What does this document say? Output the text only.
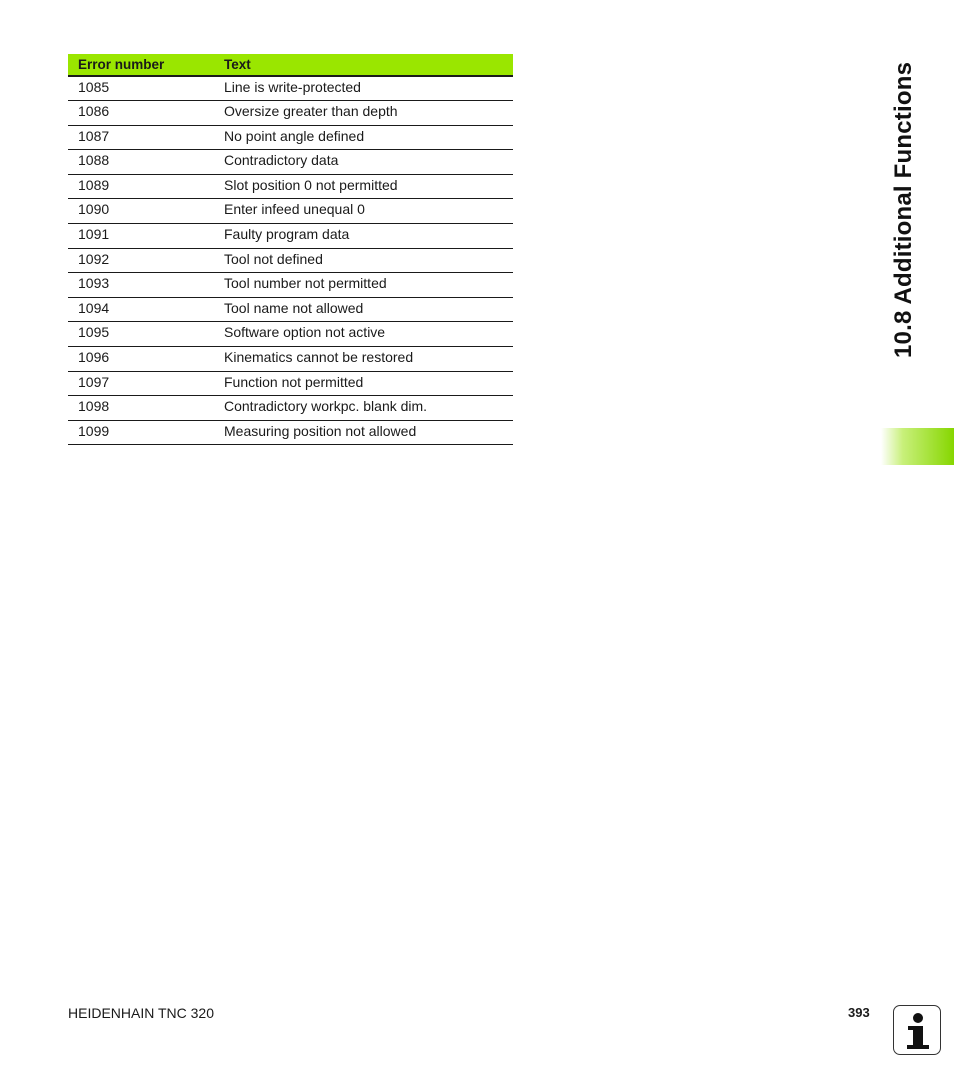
Error number	Text
1085	Line is write-protected
1086	Oversize greater than depth
1087	No point angle defined
1088	Contradictory data
1089	Slot position 0 not permitted
1090	Enter infeed unequal 0
1091	Faulty program data
1092	Tool not defined
1093	Tool number not permitted
1094	Tool name not allowed
1095	Software option not active
1096	Kinematics cannot be restored
1097	Function not permitted
1098	Contradictory workpc. blank dim.
1099	Measuring position not allowed
10.8 Additional Functions
HEIDENHAIN TNC 320	393
